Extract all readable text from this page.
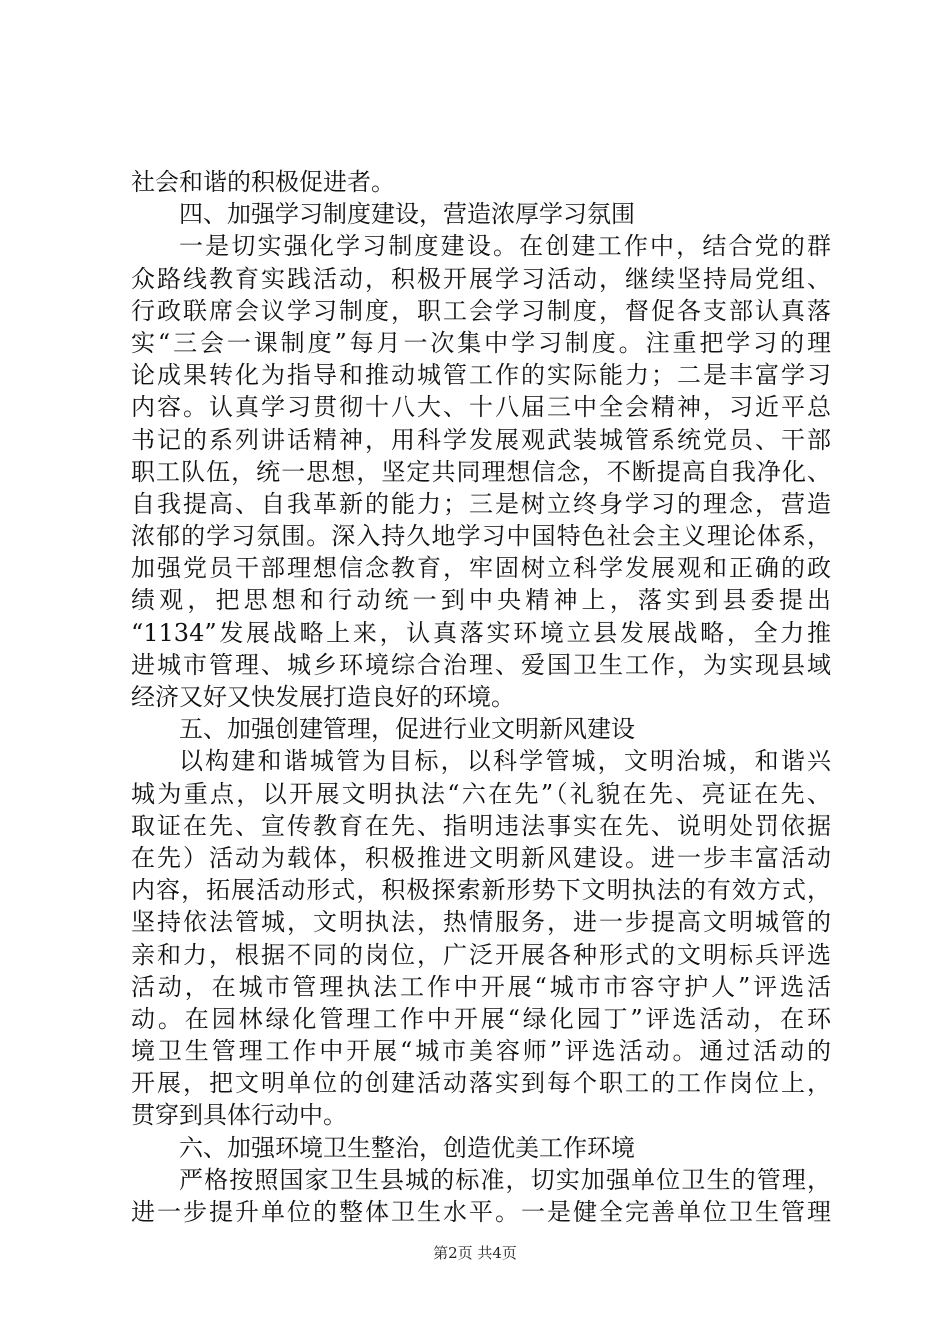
社会和谐的积极促进者。
四、加强学习制度建设，营造浓厚学习氛围
一是切实强化学习制度建设。在创建工作中，结合党的群
众路线教育实践活动，积极开展学习活动，继续坚持局党组、
行政联席会议学习制度，职工会学习制度，督促各支部认真落
实“三会一课制度”每月一次集中学习制度。注重把学习的理
论成果转化为指导和推动城管工作的实际能力；二是丰富学习
内容。认真学习贯彻十八大、十八届三中全会精神，习近平总
书记的系列讲话精神，用科学发展观武装城管系统党员、干部
职工队伍，统一思想，坚定共同理想信念，不断提高自我净化、
自我提高、自我革新的能力；三是树立终身学习的理念，营造
浓郁的学习氛围。深入持久地学习中国特色社会主义理论体系，
加强党员干部理想信念教育，牢固树立科学发展观和正确的政
绩观，把思想和行动统一到中央精神上，落实到县委提出
“1134”发展战略上来，认真落实环境立县发展战略，全力推
进城市管理、城乡环境综合治理、爱国卫生工作，为实现县域
经济又好又快发展打造良好的环境。
五、加强创建管理，促进行业文明新风建设
以构建和谐城管为目标，以科学管城，文明治城，和谐兴
城为重点，以开展文明执法“六在先”（礼貌在先、亮证在先、
取证在先、宣传教育在先、指明违法事实在先、说明处罚依据
在先）活动为载体，积极推进文明新风建设。进一步丰富活动
内容，拓展活动形式，积极探索新形势下文明执法的有效方式，
坚持依法管城，文明执法，热情服务，进一步提高文明城管的
亲和力，根据不同的岗位，广泛开展各种形式的文明标兵评选
活动，在城市管理执法工作中开展“城市市容守护人”评选活
动。在园林绿化管理工作中开展“绿化园丁”评选活动，在环
境卫生管理工作中开展“城市美容师”评选活动。通过活动的
开展，把文明单位的创建活动落实到每个职工的工作岗位上，
贯穿到具体行动中。
六、加强环境卫生整治，创造优美工作环境
严格按照国家卫生县城的标准，切实加强单位卫生的管理，
进一步提升单位的整体卫生水平。一是健全完善单位卫生管理
第2页 共4页
